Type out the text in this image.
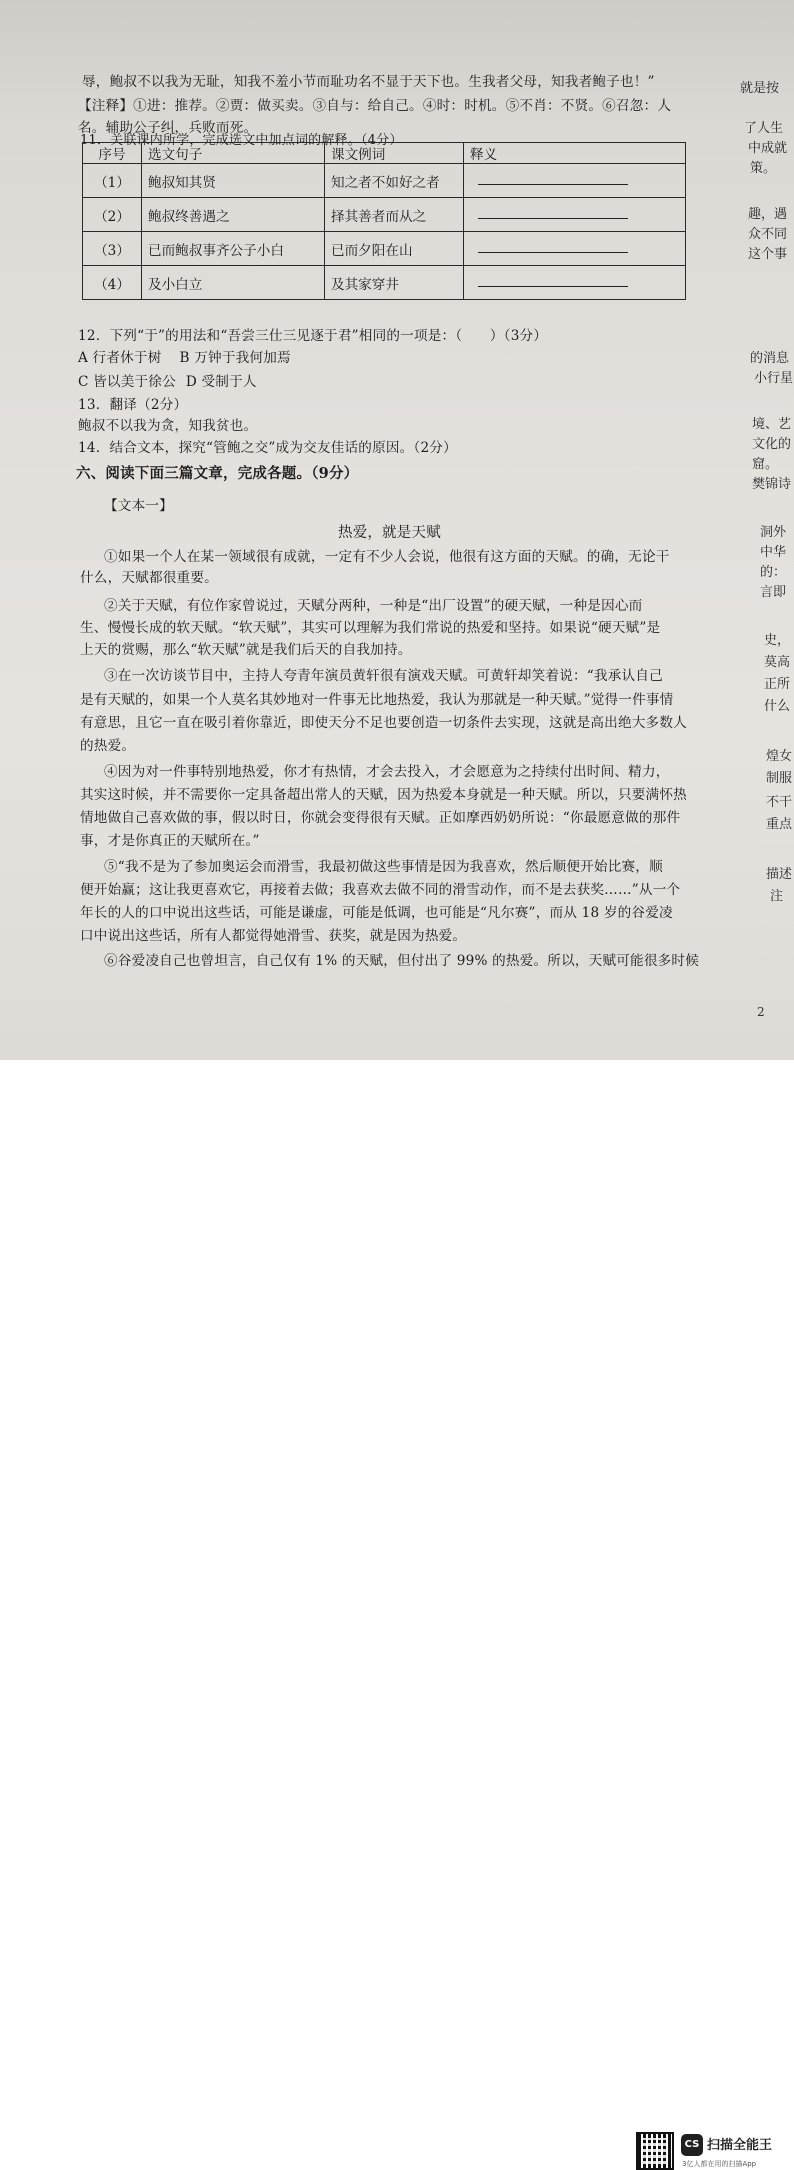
辱，鲍叔不以我为无耻，知我不羞小节而耻功名不显于天下也。生我者父母，知我者鲍子也！”
【注释】①进：推荐。②贾：做买卖。③自与：给自己。④时：时机。⑤不肖：不贤。⑥召忽：人
名。辅助公子纠，兵败而死。
11．关联课内所学，完成选文中加点词的解释。（4分）
序号	选文句子	课文例词	释义
（1）	鲍叔知其贤	知之者不如好之者	
（2）	鲍叔终善遇之	择其善者而从之	
（3）	已而鲍叔事齐公子小白	已而夕阳在山	
（4）	及小白立	及其家穿井	
12．下列“于”的用法和“吾尝三仕三见逐于君”相同的一项是：（　　）（3分）
A 行者休于树 B 万钟于我何加焉
C 皆以美于徐公 D 受制于人
13．翻译（2分）
鲍叔不以我为贪，知我贫也。
14．结合文本，探究“管鲍之交”成为交友佳话的原因。（2分）
六、阅读下面三篇文章，完成各题。（9分）
【文本一】
热爱，就是天赋
①如果一个人在某一领域很有成就，一定有不少人会说，他很有这方面的天赋。的确，无论干
什么，天赋都很重要。
②关于天赋，有位作家曾说过，天赋分两种，一种是“出厂设置”的硬天赋，一种是因心而
生、慢慢长成的软天赋。“软天赋”，其实可以理解为我们常说的热爱和坚持。如果说“硬天赋”是
上天的赏赐，那么“软天赋”就是我们后天的自我加持。
③在一次访谈节目中，主持人夸青年演员黄轩很有演戏天赋。可黄轩却笑着说：“我承认自己
是有天赋的，如果一个人莫名其妙地对一件事无比地热爱，我认为那就是一种天赋。”觉得一件事情
有意思，且它一直在吸引着你靠近，即使天分不足也要创造一切条件去实现，这就是高出绝大多数人
的热爱。
④因为对一件事特别地热爱，你才有热情，才会去投入，才会愿意为之持续付出时间、精力，
其实这时候，并不需要你一定具备超出常人的天赋，因为热爱本身就是一种天赋。所以，只要满怀热
情地做自己喜欢做的事，假以时日，你就会变得很有天赋。正如摩西奶奶所说：“你最愿意做的那件
事，才是你真正的天赋所在。”
⑤“我不是为了参加奥运会而滑雪，我最初做这些事情是因为我喜欢，然后顺便开始比赛，顺
便开始赢；这让我更喜欢它，再接着去做；我喜欢去做不同的滑雪动作，而不是去获奖……”从一个
年长的人的口中说出这些话，可能是谦虚，可能是低调，也可能是“凡尔赛”，而从 18 岁的谷爱凌
口中说出这些话，所有人都觉得她滑雪、获奖，就是因为热爱。
⑥谷爱凌自己也曾坦言，自己仅有 1% 的天赋，但付出了 99% 的热爱。所以，天赋可能很多时候
就是按
了人生
中成就
策。
趣，遇
众不同
这个事
的消息
小行星
境、艺
文化的
窟。
樊锦诗
洞外
中华
的：
言即
史，
莫高
正所
什么
煌女
制服
不干
重点
描述
注
2
CS 扫描全能王
3亿人都在用的扫描App
